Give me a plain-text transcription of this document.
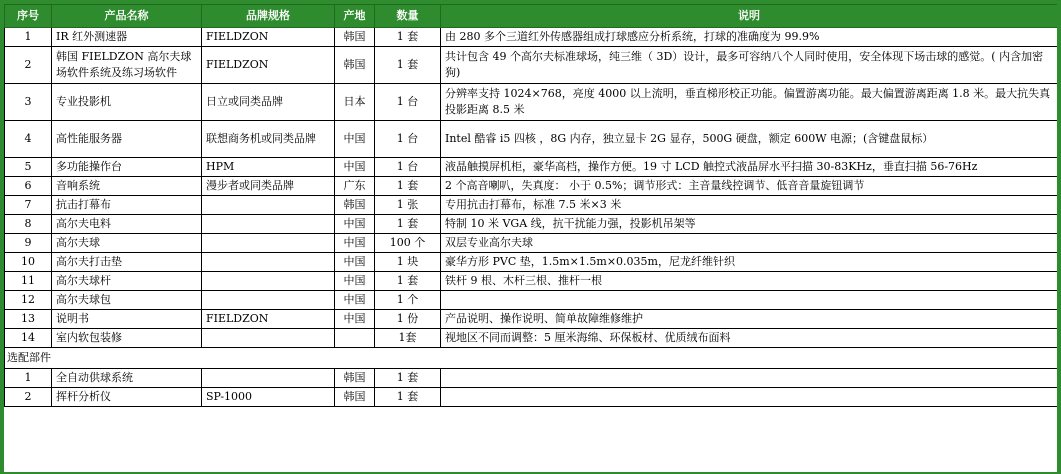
序号	产品名称	品牌规格	产地	数量	说明
1	IR 红外测速器	FIELDZON	韩国	1 套	由 280 多个三道红外传感器组成打球感应分析系统，打球的准确度为 99.9%
2	韩国 FIELDZON 高尔夫球场软件系统及练习场软件	FIELDZON	韩国	1 套	共计包含 49 个高尔夫标准球场，纯三维（ 3D）设计，最多可容纳八个人同时使用，安全体现下场击球的感觉。( 内含加密狗)
3	专业投影机	日立或同类品牌	日本	1 台	分辨率支持 1024×768，亮度 4000 以上流明，垂直梯形校正功能。偏置游离功能。最大偏置游离距离 1.8 米。最大抗失真投影距离 8.5 米
4	高性能服务器	联想商务机或同类品牌	中国	1 台	Intel 酷睿 i5 四核 ，8G 内存，独立显卡 2G 显存，500G 硬盘，额定 600W 电源；(含键盘鼠标）
5	多功能操作台	HPM	中国	1 台	液晶触摸屏机柜，豪华高档，操作方便。19 寸 LCD 触控式液晶屏水平扫描 30-83KHz，垂直扫描 56-76Hz
6	音响系统	漫步者或同类品牌	广东	1 套	2 个高音喇叭，失真度： 小于 0.5%；调节形式：主音量线控调节、低音音量旋钮调节
7	抗击打幕布		韩国	1 张	专用抗击打幕布，标准 7.5 米×3 米
8	高尔夫电料		中国	1 套	特制 10 米 VGA 线，抗干扰能力强，投影机吊架等
9	高尔夫球		中国	100 个	双层专业高尔夫球
10	高尔夫打击垫		中国	1 块	豪华方形 PVC 垫，1.5m×1.5m×0.035m，尼龙纤维针织
11	高尔夫球杆		中国	1 套	铁杆 9 根、木杆三根、推杆一根
12	高尔夫球包		中国	1 个	
13	说明书	FIELDZON	中国	1 份	产品说明、操作说明、简单故障维修维护
14	室内软包装修			1套	视地区不同而调整：5 厘米海绵、环保板材、优质绒布面料
选配部件					
1	全自动供球系统		韩国	1 套	
2	挥杆分析仪	SP-1000	韩国	1 套	
